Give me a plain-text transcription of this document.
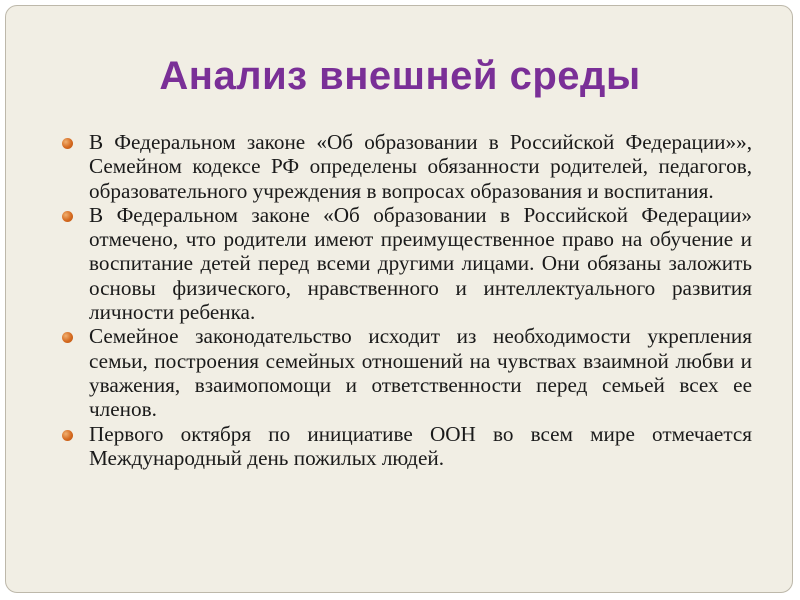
Анализ внешней среды
В Федеральном законе «Об образовании в Российской Федерации»», Семейном кодексе РФ определены обязанности родителей, педагогов, образовательного учреждения в вопросах образования и воспитания.
В Федеральном законе «Об образовании в Российской Федерации» отмечено, что родители имеют преимущественное право на обучение и воспитание детей перед всеми другими лицами. Они обязаны заложить основы физического, нравственного и интеллектуального развития личности ребенка.
Семейное законодательство исходит из необходимости укрепления семьи, построения семейных отношений на чувствах взаимной любви и уважения, взаимопомощи и ответственности перед семьей всех ее членов.
Первого октября по инициативе ООН во всем мире отмечается Международный день пожилых людей.
